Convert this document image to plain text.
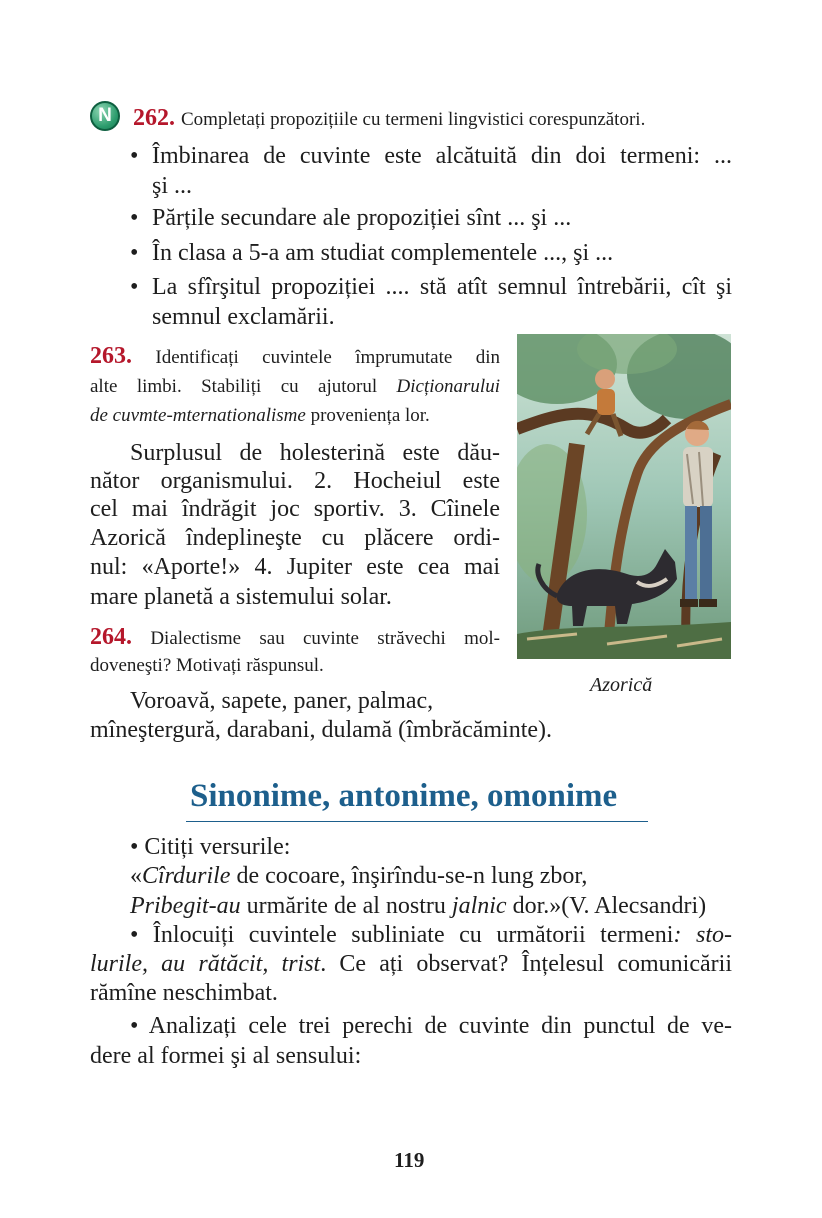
N 262. Completați propozițiile cu termeni lingvistici corespunzători.
• Îmbinarea de cuvinte este alcătuită din doi termeni: ...
şi ...
• Părțile secundare ale propoziției sînt ... şi ...
• În clasa a 5-a am studiat complementele ..., şi ...
• La sfîrşitul propoziției .... stă atît semnul întrebării, cît şi
semnul exclamării.
263. Identificați cuvintele împrumutate din
alte limbi. Stabiliți cu ajutorul Dicționarului
de cuvmte-mternationalisme proveniența lor.
Surplusul de holesterină este dău-
nător organismului. 2. Hocheiul este
cel mai îndrăgit joc sportiv. 3. Cîinele
Azorică îndeplineşte cu plăcere ordi-
nul: «Aporte!» 4. Jupiter este cea mai
mare planetă a sistemului solar.
264. Dialectisme sau cuvinte străvechi mol-
doveneşti? Motivați răspunsul.
Voroavă, sapete, paner, palmac,
mîneştergură, darabani, dulamă (îmbrăcăminte).
Azorică
Sinonime, antonime, omonime
• Citiți versurile:
«Cîrdurile de cocoare, înşirîndu-se-n lung zbor,
Pribegit-au urmărite de al nostru jalnic dor.»(V. Alecsandri)
• Înlocuiți cuvintele subliniate cu următorii termeni: sto-
lurile, au rătăcit, trist. Ce ați observat? Înțelesul comunicării
rămîne neschimbat.
• Analizați cele trei perechi de cuvinte din punctul de ve-
dere al formei şi al sensului:
119
